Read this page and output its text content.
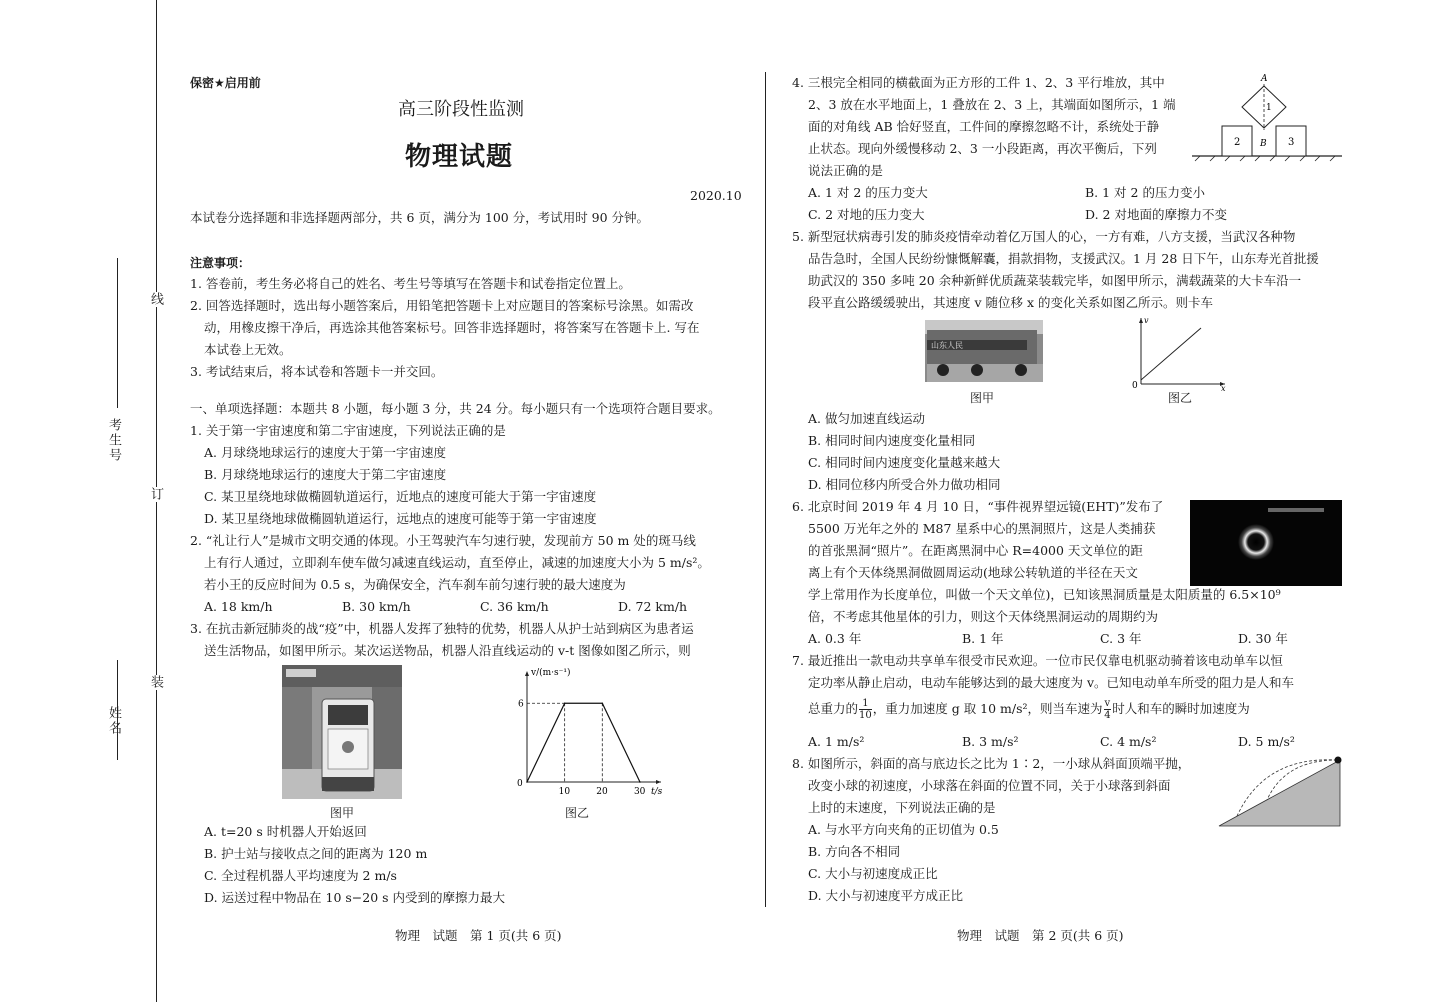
线
考生号
订
装
姓名
保密★启用前
高三阶段性监测
物理试题
2020.10
本试卷分选择题和非选择题两部分，共 6 页，满分为 100 分，考试用时 90 分钟。
注意事项：
1. 答卷前，考生务必将自己的姓名、考生号等填写在答题卡和试卷指定位置上。
2. 回答选择题时，选出每小题答案后，用铅笔把答题卡上对应题目的答案标号涂黑。如需改
动，用橡皮擦干净后，再选涂其他答案标号。回答非选择题时，将答案写在答题卡上. 写在
本试卷上无效。
3. 考试结束后，将本试卷和答题卡一并交回。
一、单项选择题：本题共 8 小题，每小题 3 分，共 24 分。每小题只有一个选项符合题目要求。
1. 关于第一宇宙速度和第二宇宙速度，下列说法正确的是
A. 月球绕地球运行的速度大于第一宇宙速度
B. 月球绕地球运行的速度大于第二宇宙速度
C. 某卫星绕地球做椭圆轨道运行，近地点的速度可能大于第一宇宙速度
D. 某卫星绕地球做椭圆轨道运行，远地点的速度可能等于第一宇宙速度
2. “礼让行人”是城市文明交通的体现。小王驾驶汽车匀速行驶，发现前方 50 m 处的斑马线
上有行人通过，立即刹车使车做匀减速直线运动，直至停止，减速的加速度大小为 5 m/s²。
若小王的反应时间为 0.5 s，为确保安全，汽车刹车前匀速行驶的最大速度为
A. 18 km/h	B. 30 km/h	C. 36 km/h	D. 72 km/h
3. 在抗击新冠肺炎的战“疫”中，机器人发挥了独特的优势，机器人从护士站到病区为患者运
送生活物品，如图甲所示。某次运送物品，机器人沿直线运动的 v-t 图像如图乙所示，则
图甲
v/(m·s⁻¹)
t/s
0
6
10	20	30
图乙
A. t=20 s 时机器人开始返回
B. 护士站与接收点之间的距离为 120 m
C. 全过程机器人平均速度为 2 m/s
D. 运送过程中物品在 10 s−20 s 内受到的摩擦力最大
4. 三根完全相同的横截面为正方形的工件 1、2、3 平行堆放，其中
2、3 放在水平地面上，1 叠放在 2、3 上，其端面如图所示，1 端
面的对角线 AB 恰好竖直，工件间的摩擦忽略不计，系统处于静
止状态。现向外缓慢移动 2、3 一小段距离，再次平衡后，下列
说法正确的是
A
1
B
2	3
A. 1 对 2 的压力变大	B. 1 对 2 的压力变小
C. 2 对地的压力变大	D. 2 对地面的摩擦力不变
5. 新型冠状病毒引发的肺炎疫情牵动着亿万国人的心，一方有难，八方支援，当武汉各种物
品告急时，全国人民纷纷慷慨解囊，捐款捐物，支援武汉。1 月 28 日下午，山东寿光首批援
助武汉的 350 多吨 20 余种新鲜优质蔬菜装载完毕，如图甲所示，满载蔬菜的大卡车沿一
段平直公路缓缓驶出，其速度 v 随位移 x 的变化关系如图乙所示。则卡车
山东人民
图甲
v
x
0
图乙
A. 做匀加速直线运动
B. 相同时间内速度变化量相同
C. 相同时间内速度变化量越来越大
D. 相同位移内所受合外力做功相同
6. 北京时间 2019 年 4 月 10 日，“事件视界望远镜(EHT)”发布了
5500 万光年之外的 M87 星系中心的黑洞照片，这是人类捕获
的首张黑洞“照片”。在距离黑洞中心 R=4000 天文单位的距
离上有个天体绕黑洞做圆周运动(地球公转轨道的半径在天文
学上常用作为长度单位，叫做一个天文单位)，已知该黑洞质量是太阳质量的 6.5×10⁹
倍，不考虑其他星体的引力，则这个天体绕黑洞运动的周期约为
A. 0.3 年	B. 1 年	C. 3 年	D. 30 年
7. 最近推出一款电动共享单车很受市民欢迎。一位市民仅靠电机驱动骑着该电动单车以恒
定功率从静止启动，电动车能够达到的最大速度为 v。已知电动单车所受的阻力是人和车
总重力的 $\frac{1}{10}$ ，重力加速度 g 取 10 m/s²，则当车速为 $\frac{v}{4}$ 时人和车的瞬时加速度为
A. 1 m/s²	B. 3 m/s²	C. 4 m/s²	D. 5 m/s²
8. 如图所示，斜面的高与底边长之比为 1∶2，一小球从斜面顶端平抛，
改变小球的初速度，小球落在斜面的位置不同，关于小球落到斜面
上时的末速度，下列说法正确的是
A. 与水平方向夹角的正切值为 0.5
B. 方向各不相同
C. 大小与初速度成正比
D. 大小与初速度平方成正比
物理　试题　第 1 页(共 6 页)	物理　试题　第 2 页(共 6 页)
